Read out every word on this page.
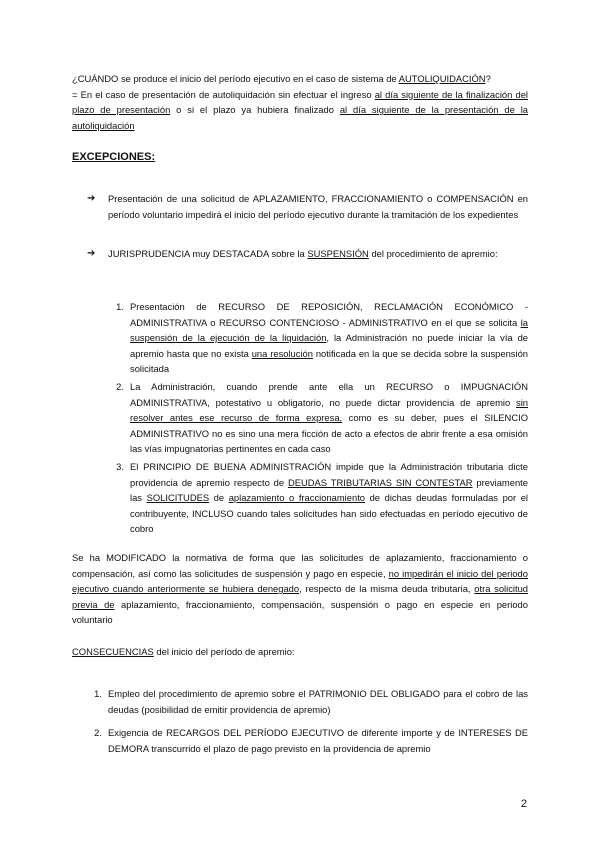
¿CUÁNDO se produce el inicio del período ejecutivo en el caso de sistema de AUTOLIQUIDACIÓN?
= En el caso de presentación de autoliquidación sin efectuar el ingreso al día siguiente de la finalización del plazo de presentación o si el plazo ya hubiera finalizado al día siguiente de la presentación de la autoliquidación
EXCEPCIONES:
➔ Presentación de una solicitud de APLAZAMIENTO, FRACCIONAMIENTO o COMPENSACIÓN en período voluntario impedirá el inicio del período ejecutivo durante la tramitación de los expedientes
➔ JURISPRUDENCIA muy DESTACADA sobre la SUSPENSIÓN del procedimiento de apremio:
1. Presentación de RECURSO DE REPOSICIÓN, RECLAMACIÓN ECONÓMICO - ADMINISTRATIVA o RECURSO CONTENCIOSO - ADMINISTRATIVO en el que se solicita la suspensión de la ejecución de la liquidación, la Administración no puede iniciar la vía de apremio hasta que no exista una resolución notificada en la que se decida sobre la suspensión solicitada
2. La Administración, cuando prende ante ella un RECURSO o IMPUGNACIÓN ADMINISTRATIVA, potestativo u obligatorio, no puede dictar providencia de apremio sin resolver antes ese recurso de forma expresa, como es su deber, pues el SILENCIO ADMINISTRATIVO no es sino una mera ficción de acto a efectos de abrir frente a esa omisión las vías impugnatorias pertinentes en cada caso
3. El PRINCIPIO DE BUENA ADMINISTRACIÓN impide que la Administración tributaria dicte providencia de apremio respecto de DEUDAS TRIBUTARIAS SIN CONTESTAR previamente las SOLICITUDES de aplazamiento o fraccionamiento de dichas deudas formuladas por el contribuyente, INCLUSO cuando tales solicitudes han sido efectuadas en período ejecutivo de cobro
Se ha MODIFICADO la normativa de forma que las solicitudes de aplazamiento, fraccionamiento o compensación, así como las solicitudes de suspensión y pago en especie, no impedirán el inicio del periodo ejecutivo cuando anteriormente se hubiera denegado, respecto de la misma deuda tributaria, otra solicitud previa de aplazamiento, fraccionamiento, compensación, suspensión o pago en especie en periodo voluntario
CONSECUENCIAS del inicio del período de apremio:
1. Empleo del procedimiento de apremio sobre el PATRIMONIO DEL OBLIGADO para el cobro de las deudas (posibilidad de emitir providencia de apremio)
2. Exigencia de RECARGOS DEL PERÍODO EJECUTIVO de diferente importe y de INTERESES DE DEMORA transcurrido el plazo de pago previsto en la providencia de apremio
2
